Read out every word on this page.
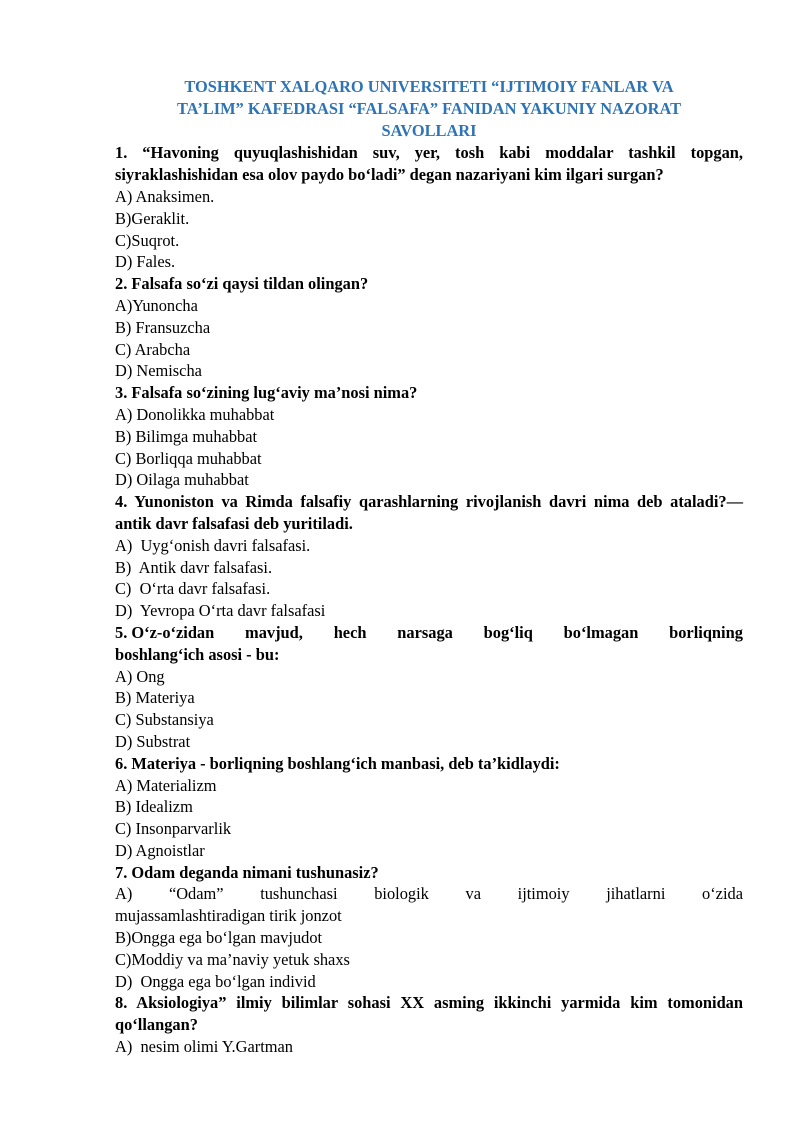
TOSHKENT XALQARO UNIVERSITETI “IJTIMOIY FANLAR VA
TA’LIM” KAFEDRASI “FALSAFA” FANIDAN YAKUNIY NAZORAT
SAVOLLARI
1. “Havoning quyuqlashishidan suv, yer, tosh kabi moddalar tashkil topgan, siyraklashishidan esa olov paydo bo‘ladi” degan nazariyani kim ilgari surgan?
A) Anaksimen.
B)Geraklit.
C)Suqrot.
D) Fales.
2. Falsafa so‘zi qaysi tildan olingan?
A)Yunoncha
B) Fransuzcha
C) Arabcha
D) Nemischa
3. Falsafa so‘zining lug‘aviy ma’nosi nima?
A) Donolikka muhabbat
B) Bilimga muhabbat
C) Borliqqa muhabbat
D) Oilaga muhabbat
4. Yunoniston va Rimda falsafiy qarashlarning rivojlanish davri nima deb ataladi?— antik davr falsafasi deb yuritiladi.
A)  Uyg‘onish davri falsafasi.
B)  Antik davr falsafasi.
C)  O‘rta davr falsafasi.
D)  Yevropa O‘rta davr falsafasi
5. O‘z-o‘zidan mavjud, hech narsaga bog‘liq bo‘lmagan borliqning
boshlang‘ich asosi - bu:
A) Ong
B) Materiya
C) Substansiya
D) Substrat
6. Materiya - borliqning boshlang‘ich manbasi, deb ta’kidlaydi:
A) Materializm
B) Idealizm
C) Insonparvarlik
D) Agnoistlar
7. Odam deganda nimani tushunasiz?
A) “Odam” tushunchasi biologik va ijtimoiy jihatlarni o‘zida
mujassamlashtiradigan tirik jonzot
B)Ongga ega bo‘lgan mavjudot
C)Moddiy va ma’naviy yetuk shaxs
D)  Ongga ega bo‘lgan individ
8. Aksiologiya” ilmiy bilimlar sohasi XX asming ikkinchi yarmida kim tomonidan qo‘llangan?
A)  nesim olimi Y.Gartman
